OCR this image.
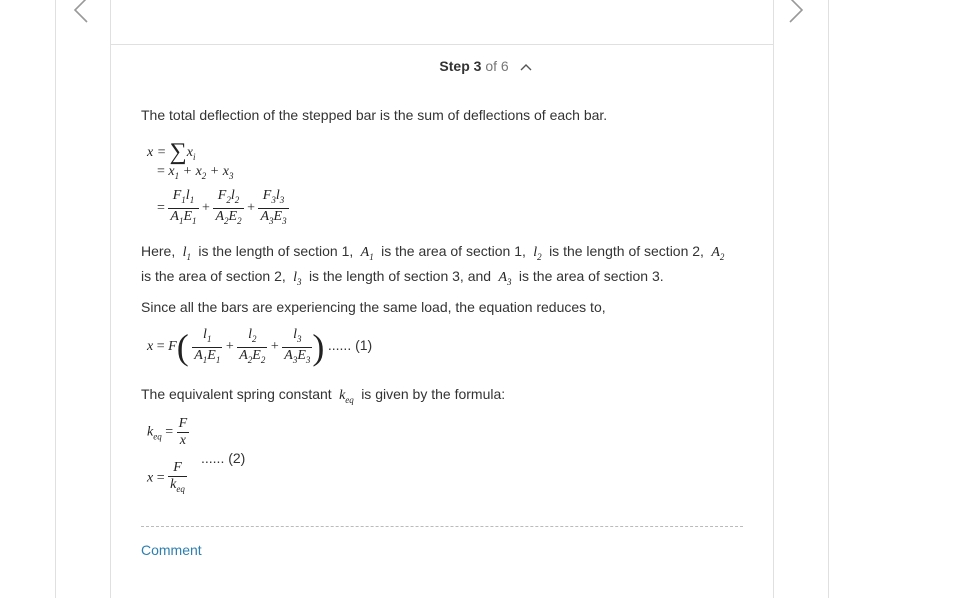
Step 3 of 6
The total deflection of the stepped bar is the sum of deflections of each bar.
$x = \sum x_i$
= $x_1 + x_2 + x_3$
= $\frac{F_1l_1}{A_1E_1} + \frac{F_2l_2}{A_2E_2} + \frac{F_3l_3}{A_3E_3}$
Here,  $l_1$ is the length of section 1,  $A_1$ is the area of section 1,  $l_2$ is the length of section 2,  $A_2$
is the area of section 2,  $l_3$ is the length of section 3, and  $A_3$ is the area of section 3.
Since all the bars are experiencing the same load, the equation reduces to,
$x = F( \frac{l_1}{A_1E_1} + \frac{l_2}{A_2E_2} + \frac{l_3}{A_3E_3}$ ) ...... (1)
The equivalent spring constant  $k_{eq}$ is given by the formula:
$k_{eq} = \frac{F}{x}$
...... (2)
$x = \frac{F}{k_{eq}}$
Comment
